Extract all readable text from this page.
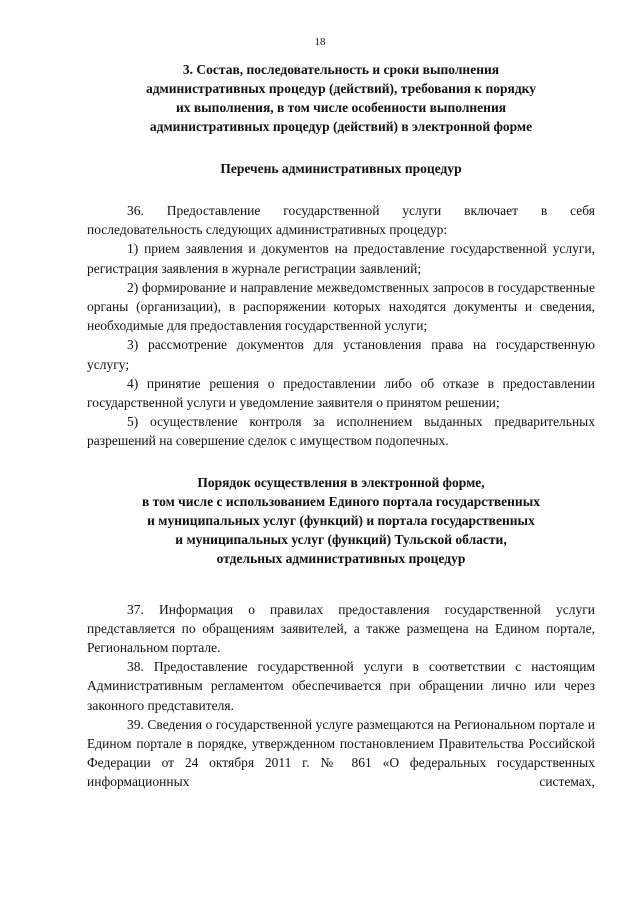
18
3. Состав, последовательность и сроки выполнения
административных процедур (действий), требования к порядку
их выполнения, в том числе особенности выполнения
административных процедур (действий) в электронной форме
Перечень административных процедур

36. Предоставление государственной услуги включает в себя последовательность следующих административных процедур:

1) прием заявления и документов на предоставление государственной услуги, регистрация заявления в журнале регистрации заявлений;

2) формирование и направление межведомственных запросов в государственные органы (организации), в распоряжении которых находятся документы и сведения, необходимые для предоставления государственной услуги;

3) рассмотрение документов для установления права на государственную услугу;

4) принятие решения о предоставлении либо об отказе в предоставлении государственной услуги и уведомление заявителя о принятом решении;

5) осуществление контроля за исполнением выданных предварительных разрешений на совершение сделок с имуществом подопечных.

Порядок осуществления в электронной форме,
в том числе с использованием Единого портала государственных
и муниципальных услуг (функций) и портала государственных
и муниципальных услуг (функций) Тульской области,
отдельных административных процедур

37. Информация о правилах предоставления государственной услуги представляется по обращениям заявителей, а также размещена на Едином портале, Региональном портале.

38. Предоставление государственной услуги в соответствии с настоящим Административным регламентом обеспечивается при обращении лично или через законного представителя.

39. Сведения о государственной услуге размещаются на Региональном портале и Едином портале в порядке, утвержденном постановлением Правительства Российской Федерации от 24 октября 2011 г. № 861 «О федеральных государственных информационных системах,
